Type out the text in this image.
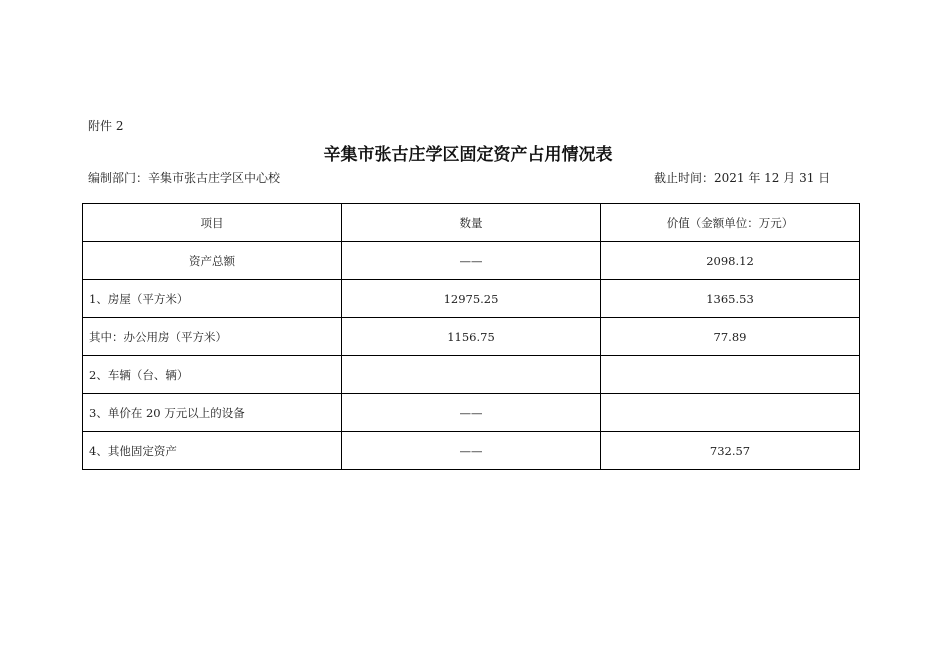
附件 2
辛集市张古庄学区固定资产占用情况表
编制部门：辛集市张古庄学区中心校	截止时间：2021 年 12 月 31 日
项目	数量	价值（金额单位：万元）
资产总额	——	2098.12
1、房屋（平方米）	12975.25	1365.53
其中：办公用房（平方米）	1156.75	77.89
2、车辆（台、辆）		
3、单价在 20 万元以上的设备	——	
4、其他固定资产	——	732.57
